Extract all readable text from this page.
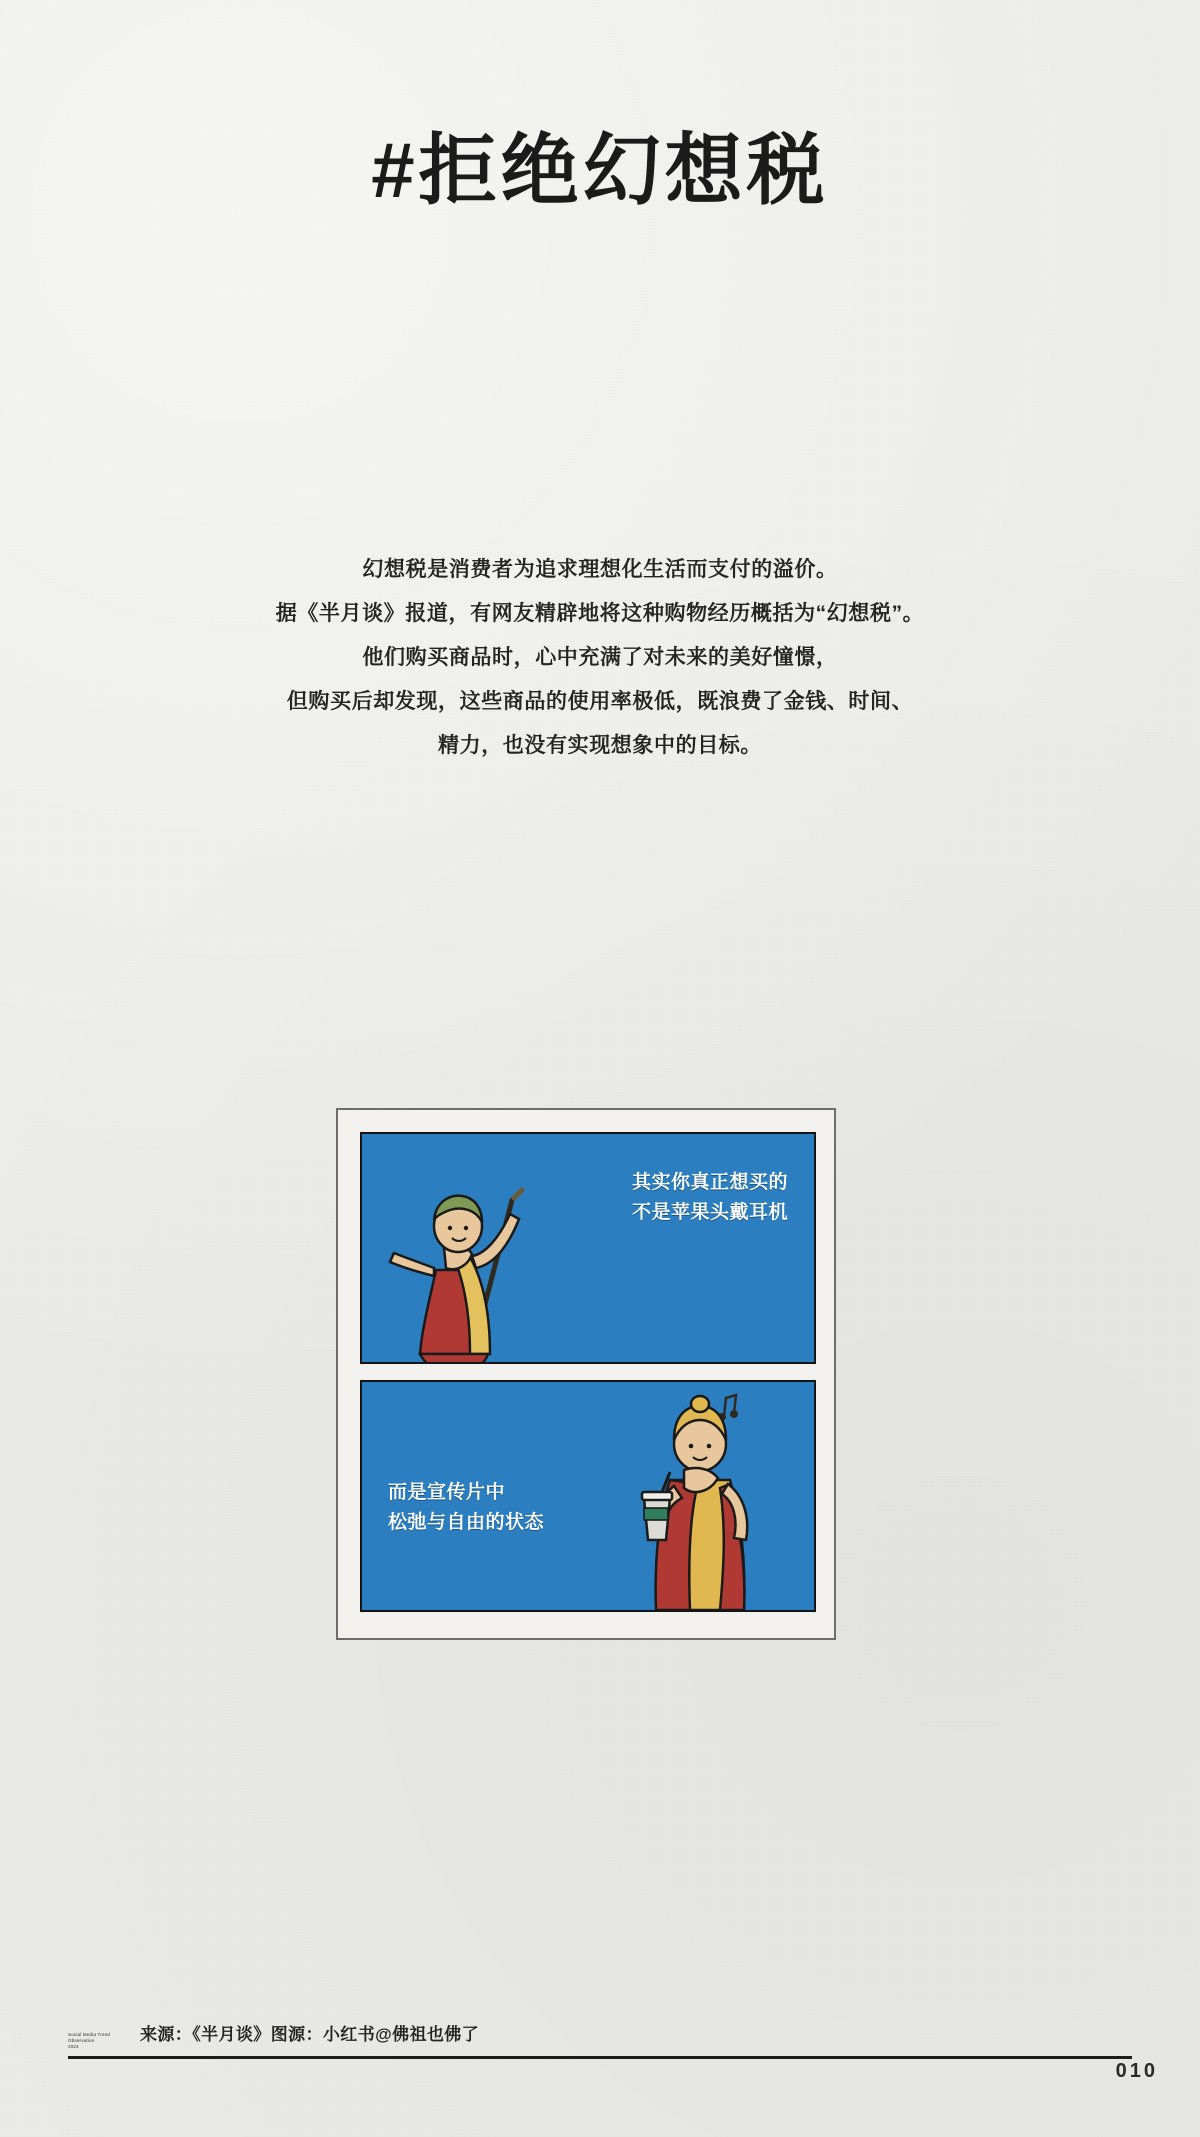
#拒绝幻想税
幻想税是消费者为追求理想化生活而支付的溢价。
据《半月谈》报道，有网友精辟地将这种购物经历概括为“幻想税”。
他们购买商品时，心中充满了对未来的美好憧憬，
但购买后却发现，这些商品的使用率极低，既浪费了金钱、时间、
精力，也没有实现想象中的目标。
其实你真正想买的
不是苹果头戴耳机
而是宣传片中
松弛与自由的状态
Social Media Trend
Observation
2024
来源：《半月谈》图源：小红书@佛祖也佛了
010
